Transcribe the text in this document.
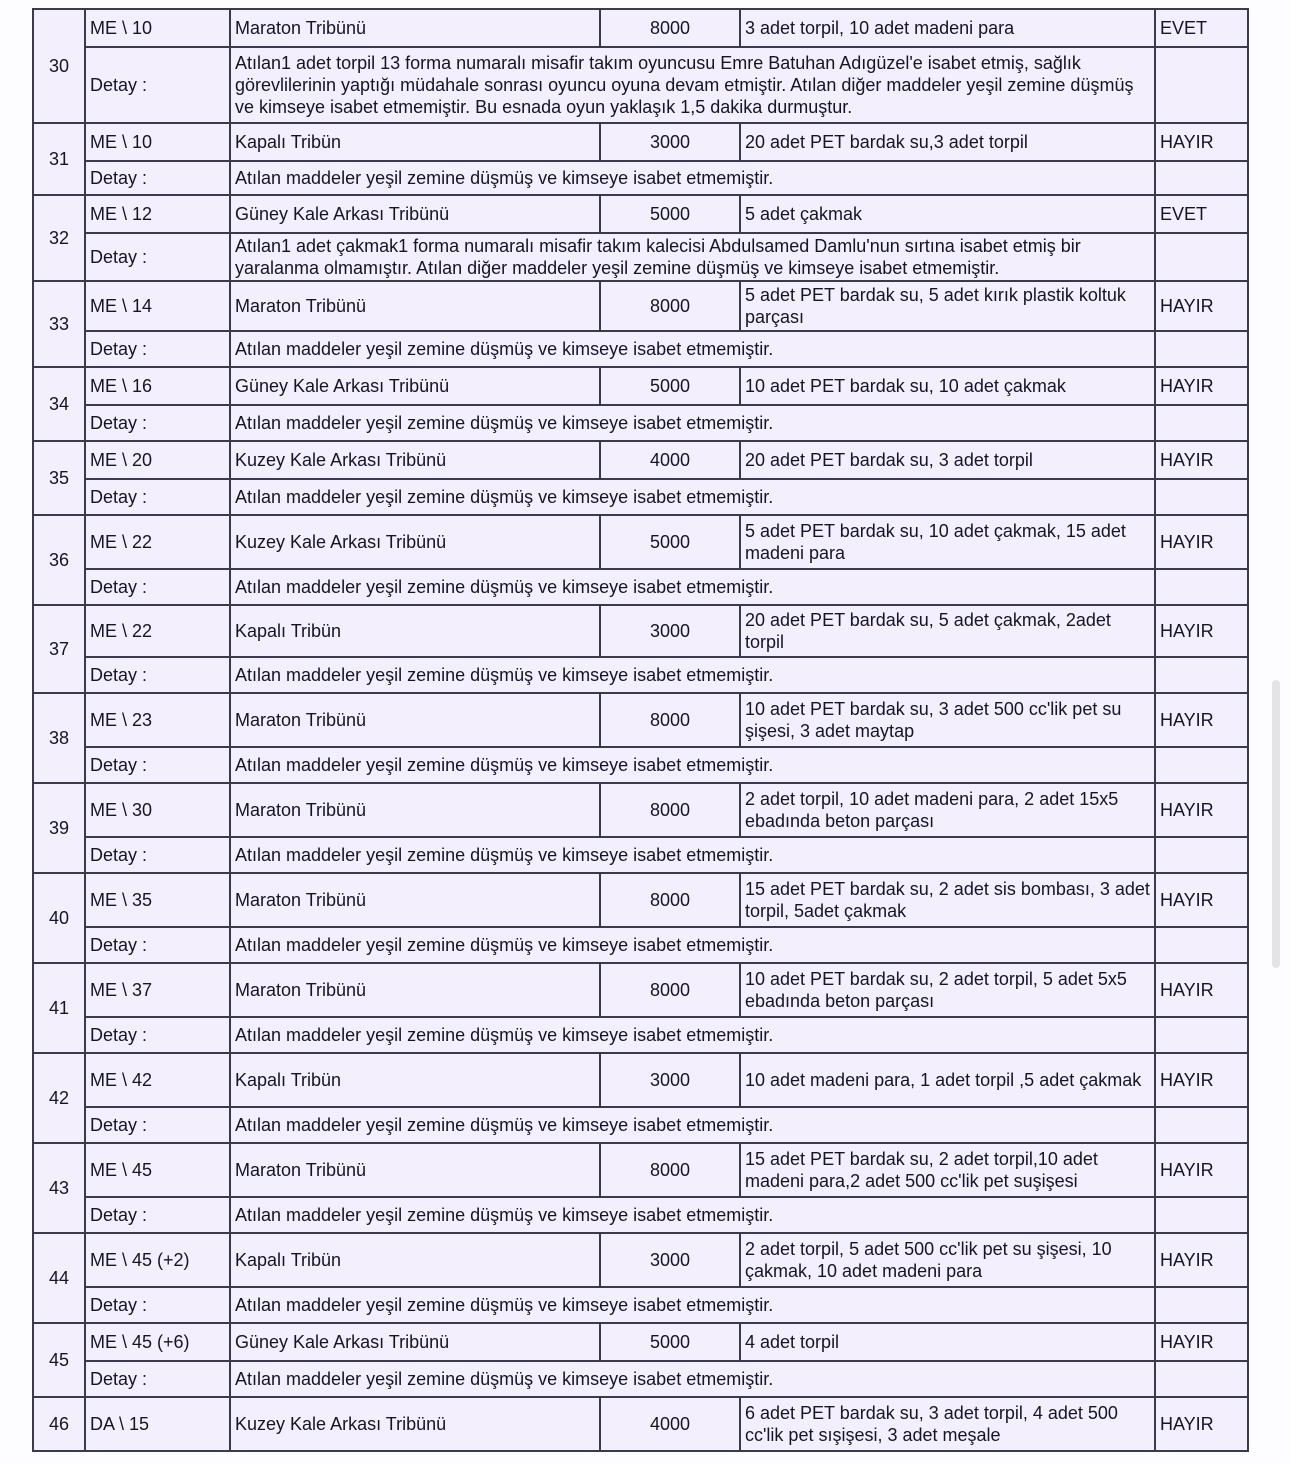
30	ME \ 10	Maraton Tribünü	8000	3 adet torpil, 10 adet madeni para	EVET
	Detay :	Atılan1 adet torpil 13 forma numaralı misafir takım oyuncusu Emre Batuhan Adıgüzel'e isabet etmiş, sağlık görevlilerinin yaptığı müdahale sonrası oyuncu oyuna devam etmiştir. Atılan diğer maddeler yeşil zemine düşmüş ve kimseye isabet etmemiştir. Bu esnada oyun yaklaşık 1,5 dakika durmuştur.			
31	ME \ 10	Kapalı Tribün	3000	20 adet PET bardak su,3 adet torpil	HAYIR
	Detay :	Atılan maddeler yeşil zemine düşmüş ve kimseye isabet etmemiştir.			
32	ME \ 12	Güney Kale Arkası Tribünü	5000	5 adet çakmak	EVET
	Detay :	Atılan1 adet çakmak1 forma numaralı misafir takım kalecisi Abdulsamed Damlu'nun sırtına isabet etmiş bir yaralanma olmamıştır. Atılan diğer maddeler yeşil zemine düşmüş ve kimseye isabet etmemiştir.			
33	ME \ 14	Maraton Tribünü	8000	5 adet PET bardak su, 5 adet kırık plastik koltuk parçası	HAYIR
	Detay :	Atılan maddeler yeşil zemine düşmüş ve kimseye isabet etmemiştir.			
34	ME \ 16	Güney Kale Arkası Tribünü	5000	10 adet PET bardak su, 10 adet çakmak	HAYIR
	Detay :	Atılan maddeler yeşil zemine düşmüş ve kimseye isabet etmemiştir.			
35	ME \ 20	Kuzey Kale Arkası Tribünü	4000	20 adet PET bardak su, 3 adet torpil	HAYIR
	Detay :	Atılan maddeler yeşil zemine düşmüş ve kimseye isabet etmemiştir.			
36	ME \ 22	Kuzey Kale Arkası Tribünü	5000	5 adet PET bardak su, 10 adet çakmak, 15 adet madeni para	HAYIR
	Detay :	Atılan maddeler yeşil zemine düşmüş ve kimseye isabet etmemiştir.			
37	ME \ 22	Kapalı Tribün	3000	20 adet PET bardak su, 5 adet çakmak, 2adet torpil	HAYIR
	Detay :	Atılan maddeler yeşil zemine düşmüş ve kimseye isabet etmemiştir.			
38	ME \ 23	Maraton Tribünü	8000	10 adet PET bardak su, 3 adet 500 cc'lik pet su şişesi, 3 adet maytap	HAYIR
	Detay :	Atılan maddeler yeşil zemine düşmüş ve kimseye isabet etmemiştir.			
39	ME \ 30	Maraton Tribünü	8000	2 adet torpil, 10 adet madeni para, 2 adet 15x5 ebadında beton parçası	HAYIR
	Detay :	Atılan maddeler yeşil zemine düşmüş ve kimseye isabet etmemiştir.			
40	ME \ 35	Maraton Tribünü	8000	15 adet PET bardak su, 2 adet sis bombası, 3 adet torpil, 5adet çakmak	HAYIR
	Detay :	Atılan maddeler yeşil zemine düşmüş ve kimseye isabet etmemiştir.			
41	ME \ 37	Maraton Tribünü	8000	10 adet PET bardak su, 2 adet torpil, 5 adet 5x5 ebadında beton parçası	HAYIR
	Detay :	Atılan maddeler yeşil zemine düşmüş ve kimseye isabet etmemiştir.			
42	ME \ 42	Kapalı Tribün	3000	10 adet madeni para, 1 adet torpil ,5 adet çakmak	HAYIR
	Detay :	Atılan maddeler yeşil zemine düşmüş ve kimseye isabet etmemiştir.			
43	ME \ 45	Maraton Tribünü	8000	15 adet PET bardak su, 2 adet torpil,10 adet madeni para,2 adet 500 cc'lik pet suşişesi	HAYIR
	Detay :	Atılan maddeler yeşil zemine düşmüş ve kimseye isabet etmemiştir.			
44	ME \ 45 (+2)	Kapalı Tribün	3000	2 adet torpil, 5 adet 500 cc'lik pet su şişesi, 10 çakmak, 10 adet madeni para	HAYIR
	Detay :	Atılan maddeler yeşil zemine düşmüş ve kimseye isabet etmemiştir.			
45	ME \ 45 (+6)	Güney Kale Arkası Tribünü	5000	4 adet torpil	HAYIR
	Detay :	Atılan maddeler yeşil zemine düşmüş ve kimseye isabet etmemiştir.			
46	DA \ 15	Kuzey Kale Arkası Tribünü	4000	6 adet PET bardak su, 3 adet torpil, 4 adet 500 cc'lik pet sışişesi, 3 adet meşale	HAYIR
